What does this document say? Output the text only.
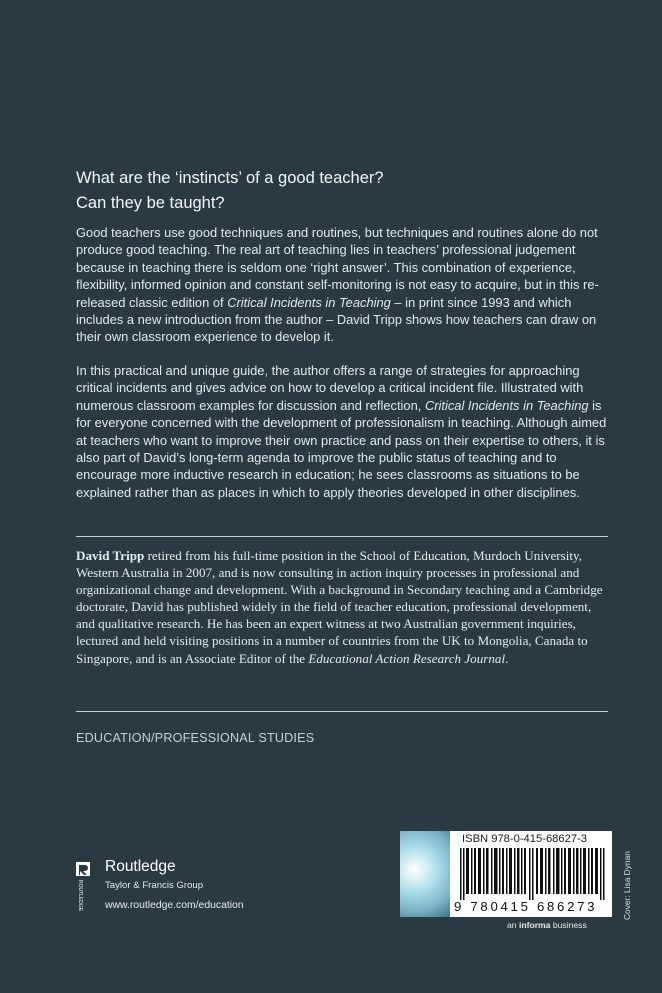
What are the ‘instincts’ of a good teacher?
Can they be taught?

Good teachers use good techniques and routines, but techniques and routines alone do not produce good teaching. The real art of teaching lies in teachers’ professional judgement because in teaching there is seldom one ‘right answer’. This combination of experience, flexibility, informed opinion and constant self-monitoring is not easy to acquire, but in this re-released classic edition of Critical Incidents in Teaching – in print since 1993 and which includes a new introduction from the author – David Tripp shows how teachers can draw on their own classroom experience to develop it.

In this practical and unique guide, the author offers a range of strategies for approaching critical incidents and gives advice on how to develop a critical incident file. Illustrated with numerous classroom examples for discussion and reflection, Critical Incidents in Teaching is for everyone concerned with the development of professionalism in teaching. Although aimed at teachers who want to improve their own practice and pass on their expertise to others, it is also part of David’s long-term agenda to improve the public status of teaching and to encourage more inductive research in education; he sees classrooms as situations to be explained rather than as places in which to apply theories developed in other disciplines.

David Tripp retired from his full-time position in the School of Education, Murdoch University, Western Australia in 2007, and is now consulting in action inquiry processes in professional and organizational change and development. With a background in Secondary teaching and a Cambridge doctorate, David has published widely in the field of teacher education, professional development, and qualitative research. He has been an expert witness at two Australian government inquiries, lectured and held visiting positions in a number of countries from the UK to Mongolia, Canada to Singapore, and is an Associate Editor of the Educational Action Research Journal.

EDUCATION/PROFESSIONAL STUDIES
ROUTLEDGE
Routledge
Taylor & Francis Group
www.routledge.com/education
ISBN 978-0-415-68627-3
9 780415 686273
an informa business
Cover: Lisa Dynan
